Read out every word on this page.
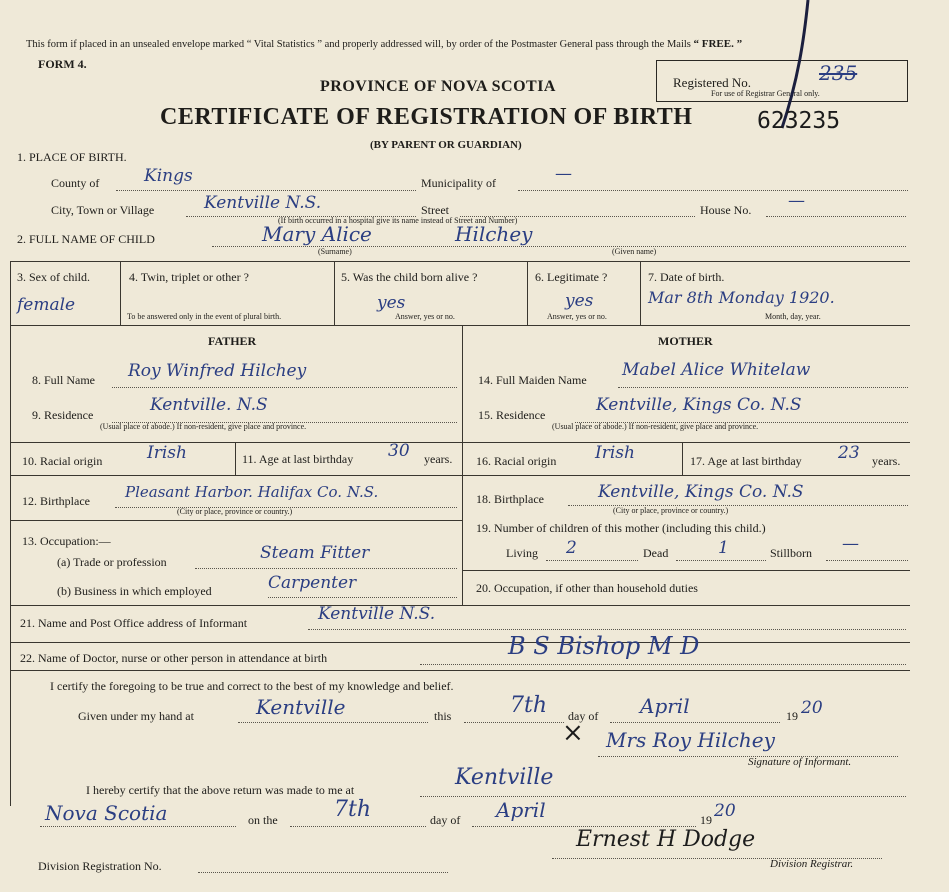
This form if placed in an unsealed envelope marked “ Vital Statistics ” and properly addressed will, by order of the Postmaster General pass through the Mails “ FREE. ”
FORM 4.
Registered No.	235
For use of Registrar General only.
PROVINCE OF NOVA SCOTIA
CERTIFICATE OF REGISTRATION OF BIRTH	623235
(BY PARENT OR GUARDIAN)
1. PLACE OF BIRTH.
County of	Kings	Municipality of	—
City, Town or Village	Kentville N.S.	Street
(If birth occurred in a hospital give its name instead of Street and Number)
House No. —
2. FULL NAME OF CHILD	Mary Alice	Hilchey
(Surname)	(Given name)
3. Sex of child.
female
4. Twin, triplet or other ?
To be answered only in the event of plural birth.
5. Was the child born alive ?
yes
Answer, yes or no.
6. Legitimate ?
yes
Answer, yes or no.
7. Date of birth.
Mar 8th Monday 1920.
Month, day, year.
FATHER	MOTHER
8. Full Name Roy Winfred Hilchey
9. Residence	Kentville. N.S
(Usual place of abode.) If non-resident, give place and province.
10. Racial origin	Irish	11. Age at last birthday 30 years.
12. Birthplace Pleasant Harbor. Halifax Co. N.S.
(City or place, province or country.)
13. Occupation:—
(a) Trade or profession	Steam Fitter
(b) Business in which employed	Carpenter
14. Full Maiden Name Mabel Alice Whitelaw
15. Residence	Kentville, Kings Co. N.S
(Usual place of abode.) If non-resident, give place and province.
16. Racial origin Irish	17. Age at last birthday 23 years.
18. Birthplace	Kentville, Kings Co. N.S
(City or place, province or country.)
19. Number of children of this mother (including this child.)
Living 2	Dead	1	Stillborn —
20. Occupation, if other than household duties
21. Name and Post Office address of Informant	Kentville N.S.
22. Name of Doctor, nurse or other person in attendance at birth	B S Bishop M D
I certify the foregoing to be true and correct to the best of my knowledge and belief.
Given under my hand at	Kentville	this	7th day of April	19 20
× Mrs Roy Hilchey
Signature of Informant.
I hereby certify that the above return was made to me at	Kentville
Nova Scotia	on the	7th	day of April	19 20
Division Registration No.
Ernest H Dodge
Division Registrar.
